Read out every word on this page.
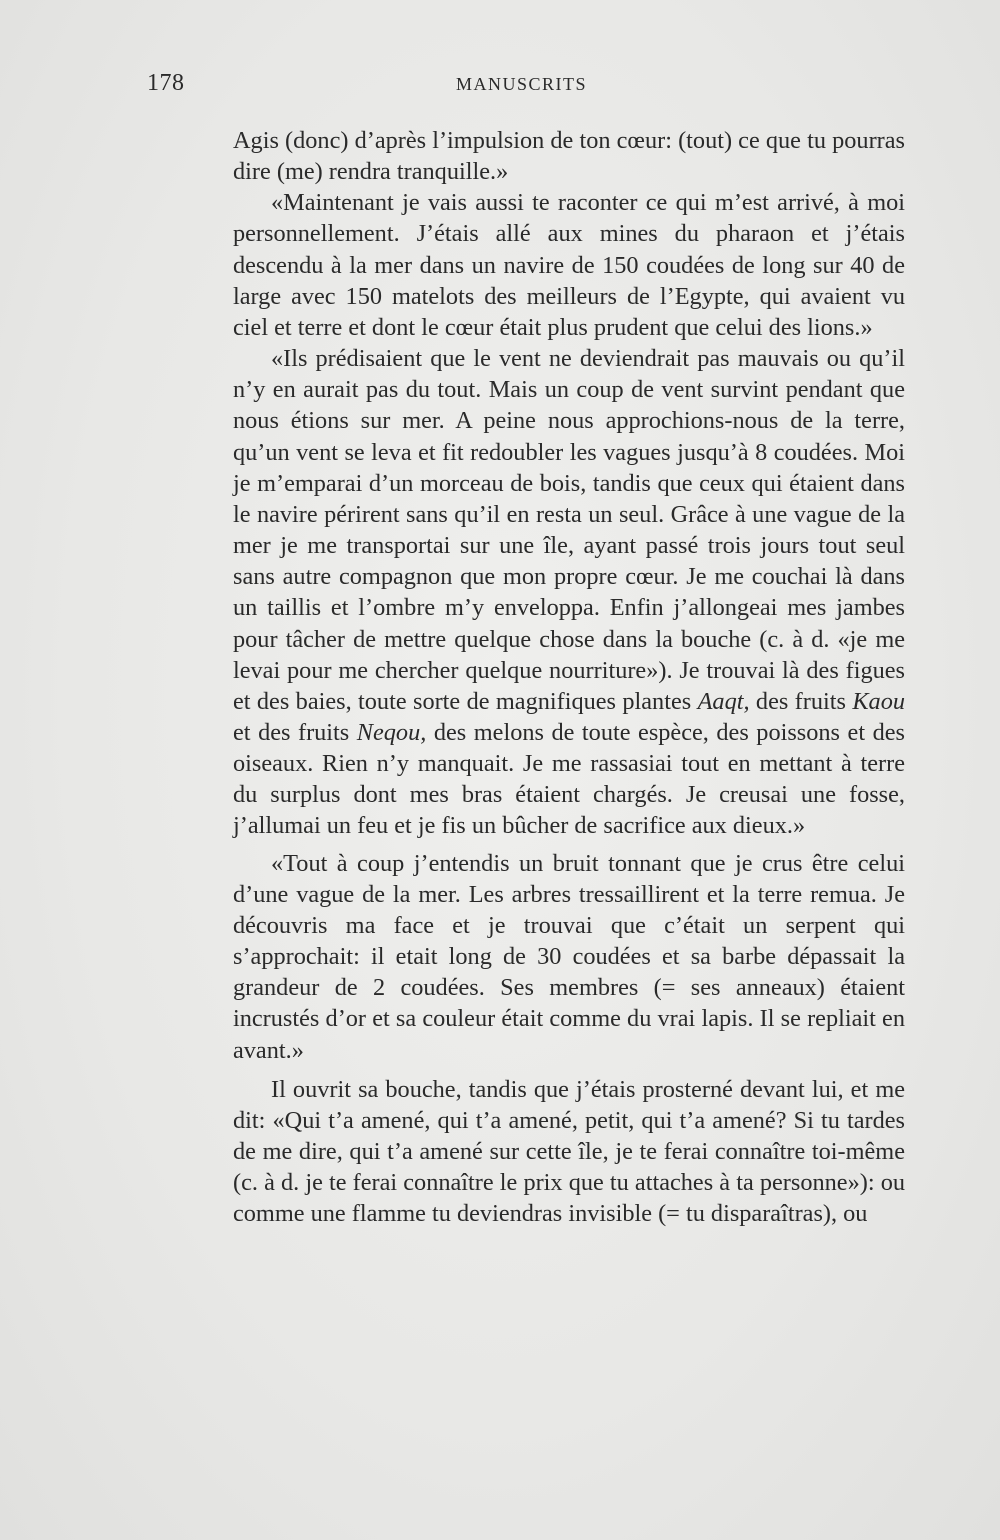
178	MANUSCRITS

Agis (donc) d’après l’impulsion de ton cœur: (tout) ce que tu pourras dire (me) rendra tranquille.»

«Maintenant je vais aussi te raconter ce qui m’est arrivé, à moi personnellement. J’étais allé aux mines du pharaon et j’étais descendu à la mer dans un navire de 150 coudées de long sur 40 de large avec 150 matelots des meilleurs de l’Egypte, qui avaient vu ciel et terre et dont le cœur était plus prudent que celui des lions.»

«Ils prédisaient que le vent ne deviendrait pas mauvais ou qu’il n’y en aurait pas du tout. Mais un coup de vent survint pendant que nous étions sur mer. A peine nous approchions-nous de la terre, qu’un vent se leva et fit redoubler les vagues jusqu’à 8 coudées. Moi je m’emparai d’un morceau de bois, tandis que ceux qui étaient dans le navire périrent sans qu’il en resta un seul. Grâce à une vague de la mer je me transportai sur une île, ayant passé trois jours tout seul sans autre compagnon que mon propre cœur. Je me couchai là dans un taillis et l’ombre m’y enveloppa. Enfin j’allongeai mes jambes pour tâcher de mettre quelque chose dans la bouche (c. à d. «je me levai pour me chercher quelque nourriture»). Je trouvai là des figues et des baies, toute sorte de magnifiques plantes Aaqt, des fruits Kaou et des fruits Neqou, des melons de toute espèce, des poissons et des oiseaux. Rien n’y manquait. Je me rassasiai tout en mettant à terre du surplus dont mes bras étaient chargés. Je creusai une fosse, j’allumai un feu et je fis un bûcher de sacrifice aux dieux.»

«Tout à coup j’entendis un bruit tonnant que je crus être celui d’une vague de la mer. Les arbres tressaillirent et la terre remua. Je découvris ma face et je trouvai que c’était un serpent qui s’approchait: il etait long de 30 coudées et sa barbe dépassait la grandeur de 2 coudées. Ses membres (= ses anneaux) étaient incrustés d’or et sa couleur était comme du vrai lapis. Il se repliait en avant.»

Il ouvrit sa bouche, tandis que j’étais prosterné devant lui, et me dit: «Qui t’a amené, qui t’a amené, petit, qui t’a amené? Si tu tardes de me dire, qui t’a amené sur cette île, je te ferai connaître toi-même (c. à d. je te ferai connaître le prix que tu attaches à ta personne»): ou comme une flamme tu deviendras invisible (= tu disparaîtras), ou
